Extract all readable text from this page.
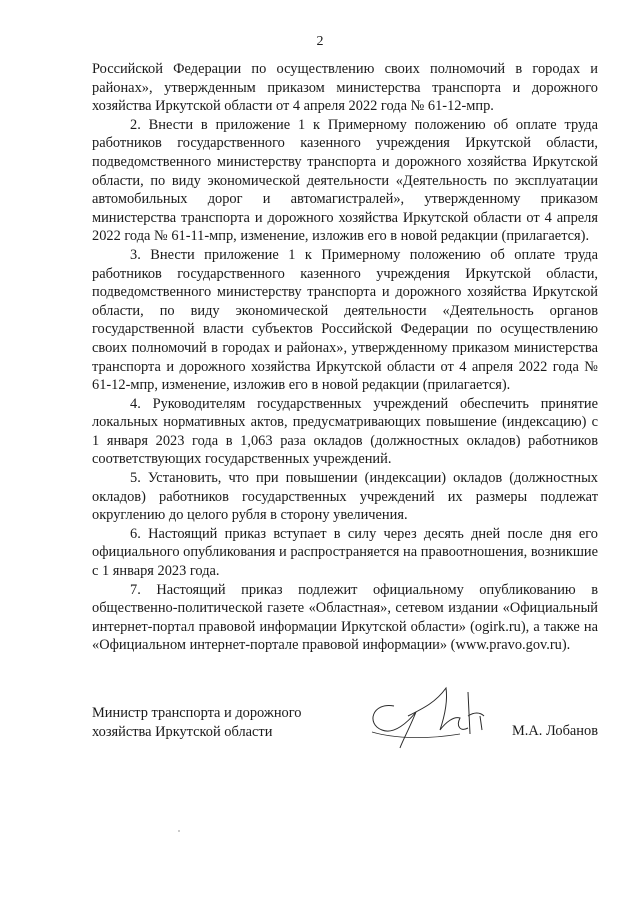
2

Российской Федерации по осуществлению своих полномочий в городах и районах», утвержденным приказом министерства транспорта и дорожного хозяйства Иркутской области от 4 апреля 2022 года № 61-12-мпр.

2. Внести в приложение 1 к Примерному положению об оплате труда работников государственного казенного учреждения Иркутской области, подведомственного министерству транспорта и дорожного хозяйства Иркутской области, по виду экономической деятельности «Деятельность по эксплуатации автомобильных дорог и автомагистралей», утвержденному приказом министерства транспорта и дорожного хозяйства Иркутской области от 4 апреля 2022 года № 61-11-мпр, изменение, изложив его в новой редакции (прилагается).

3. Внести приложение 1 к Примерному положению об оплате труда работников государственного казенного учреждения Иркутской области, подведомственного министерству транспорта и дорожного хозяйства Иркутской области, по виду экономической деятельности «Деятельность органов государственной власти субъектов Российской Федерации по осуществлению своих полномочий в городах и районах», утвержденному приказом министерства транспорта и дорожного хозяйства Иркутской области от 4 апреля 2022 года № 61-12-мпр, изменение, изложив его в новой редакции (прилагается).

4. Руководителям государственных учреждений обеспечить принятие локальных нормативных актов, предусматривающих повышение (индексацию) с 1 января 2023 года в 1,063 раза окладов (должностных окладов) работников соответствующих государственных учреждений.

5. Установить, что при повышении (индексации) окладов (должностных окладов) работников государственных учреждений их размеры подлежат округлению до целого рубля в сторону увеличения.

6. Настоящий приказ вступает в силу через десять дней после дня его официального опубликования и распространяется на правоотношения, возникшие с 1 января 2023 года.

7. Настоящий приказ подлежит официальному опубликованию в общественно-политической газете «Областная», сетевом издании «Официальный интернет-портал правовой информации Иркутской области» (ogirk.ru), а также на «Официальном интернет-портале правовой информации» (www.pravo.gov.ru).

Министр транспорта и дорожного
хозяйства Иркутской области	М.А. Лобанов
